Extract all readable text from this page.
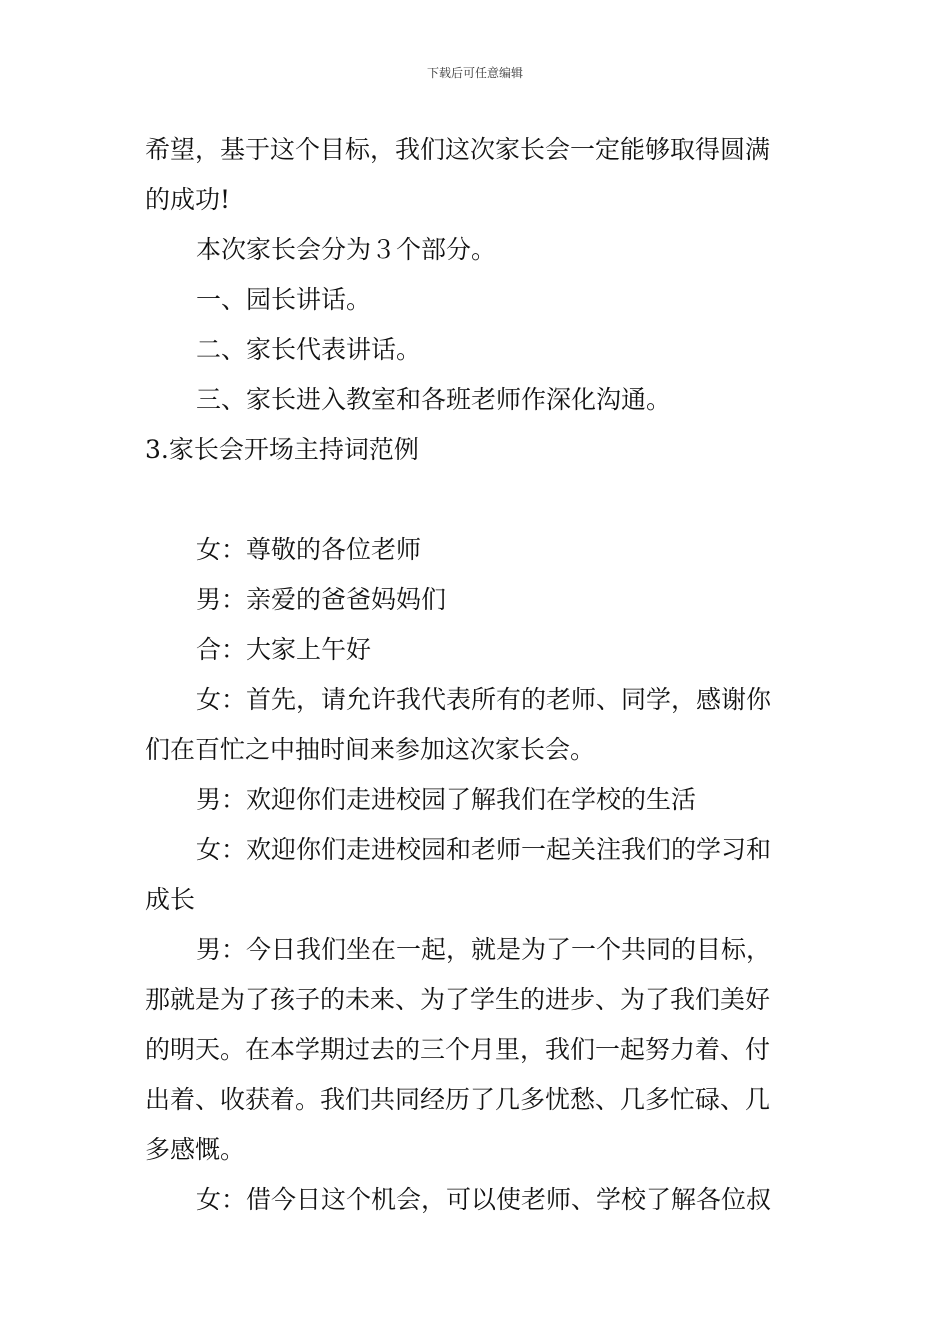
下载后可任意编辑
希望，基于这个目标，我们这次家长会一定能够取得圆满
的成功!
本次家长会分为３个部分。
一、园长讲话。
二、家长代表讲话。
三、家长进入教室和各班老师作深化沟通。
3.家长会开场主持词范例
女：尊敬的各位老师
男：亲爱的爸爸妈妈们
合：大家上午好
女：首先，请允许我代表所有的老师、同学，感谢你
们在百忙之中抽时间来参加这次家长会。
男：欢迎你们走进校园了解我们在学校的生活
女：欢迎你们走进校园和老师一起关注我们的学习和
成长
男：今日我们坐在一起，就是为了一个共同的目标，
那就是为了孩子的未来、为了学生的进步、为了我们美好
的明天。在本学期过去的三个月里，我们一起努力着、付
出着、收获着。我们共同经历了几多忧愁、几多忙碌、几
多感慨。
女：借今日这个机会，可以使老师、学校了解各位叔
